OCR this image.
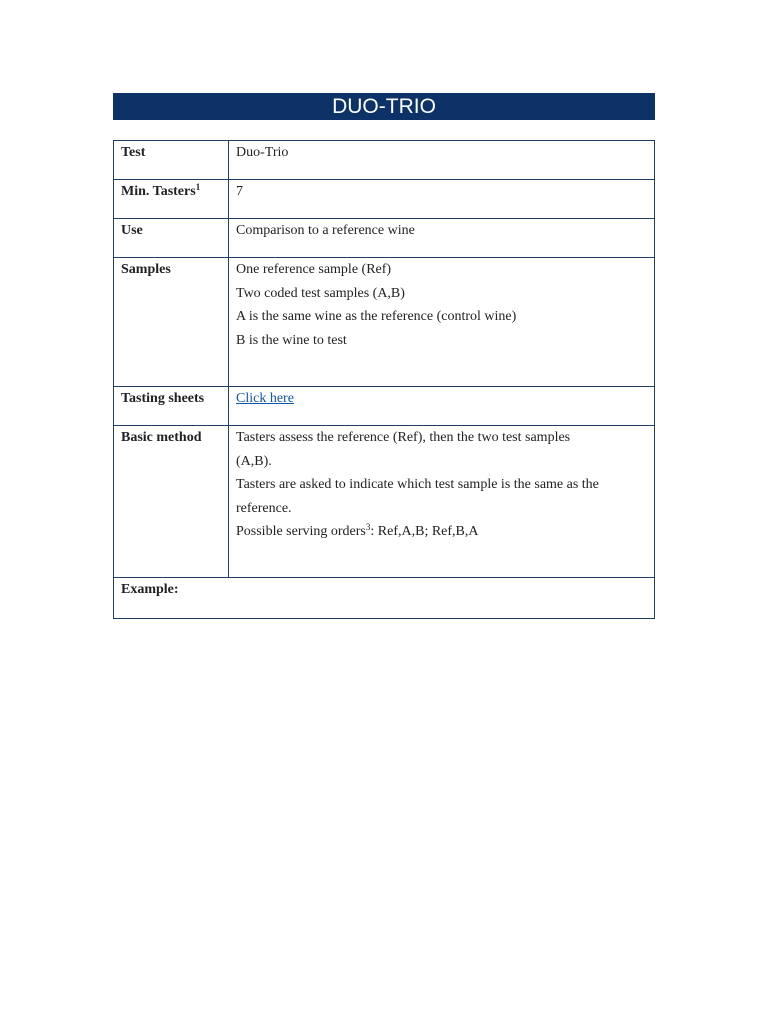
DUO-TRIO
Test	Duo-Trio
Min. Tasters$^1$	7
Use	Comparison to a reference wine
Samples	One reference sample (Ref)
Two coded test samples (A,B)
A is the same wine as the reference (control wine)
B is the wine to test

Tasting sheets	Click here
Basic method	Tasters assess the reference (Ref), then the two test samples
(A,B).
Tasters are asked to indicate which test sample is the same as the
reference.
Possible serving orders$^3$: Ref,A,B; Ref,B,A

Example:	
